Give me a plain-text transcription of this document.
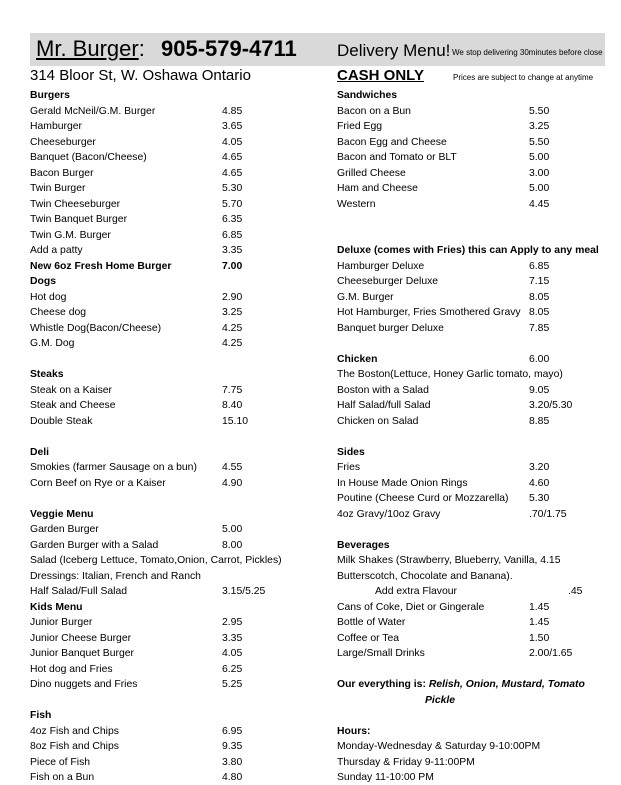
Mr. Burger: 905-579-4711 Delivery Menu! We stop delivering 30minutes before close
314 Bloor St, W. Oshawa Ontario	CASH ONLY	Prices are subject to change at anytime
Burgers
Gerald McNeil/G.M. Burger	4.85
Hamburger	3.65
Cheeseburger	4.05
Banquet (Bacon/Cheese)	4.65
Bacon Burger	4.65
Twin Burger	5.30
Twin Cheeseburger	5.70
Twin Banquet Burger	6.35
Twin G.M. Burger	6.85
Add a patty	3.35
New 6oz Fresh Home Burger	7.00
Dogs
Hot dog	2.90
Cheese dog	3.25
Whistle Dog(Bacon/Cheese)	4.25
G.M. Dog	4.25
Steaks
Steak on a Kaiser	7.75
Steak and Cheese	8.40
Double Steak	15.10
Deli
Smokies (farmer Sausage on a bun) 4.55
Corn Beef on Rye or a Kaiser	4.90
Veggie Menu
Garden Burger	5.00
Garden Burger with a Salad	8.00
Salad (Iceberg Lettuce, Tomato,Onion, Carrot, Pickles)
Dressings: Italian, French and Ranch
Half Salad/Full Salad	3.15/5.25
Kids Menu
Junior Burger	2.95
Junior Cheese Burger	3.35
Junior Banquet Burger	4.05
Hot dog and Fries	6.25
Dino nuggets and Fries	5.25
Fish
4oz Fish and Chips	6.95
8oz Fish and Chips	9.35
Piece of Fish	3.80
Fish on a Bun	4.80
Sandwiches
Bacon on a Bun	5.50
Fried Egg	3.25
Bacon Egg and Cheese	5.50
Bacon and Tomato or BLT	5.00
Grilled Cheese	3.00
Ham and Cheese	5.00
Western	4.45
Deluxe (comes with Fries) this can Apply to any meal
Hamburger Deluxe	6.85
Cheeseburger Deluxe	7.15
G.M. Burger	8.05
Hot Hamburger, Fries Smothered Gravy 8.05
Banquet burger Deluxe	7.85
Chicken	6.00
The Boston(Lettuce, Honey Garlic tomato, mayo)
Boston with a Salad	9.05
Half Salad/full Salad	3.20/5.30
Chicken on Salad	8.85
Sides
Fries	3.20
In House Made Onion Rings	4.60
Poutine (Cheese Curd or Mozzarella) 5.30
4oz Gravy/10oz Gravy	.70/1.75
Beverages
Milk Shakes (Strawberry, Blueberry, Vanilla, 4.15
Butterscotch, Chocolate and Banana).
Add extra Flavour	.45
Cans of Coke, Diet or Gingerale	1.45
Bottle of Water	1.45
Coffee or Tea	1.50
Large/Small Drinks	2.00/1.65
Our everything is: Relish, Onion, Mustard, Tomato
Pickle
Hours:
Monday-Wednesday & Saturday 9-10:00PM
Thursday & Friday 9-11:00PM
Sunday 11-10:00 PM
